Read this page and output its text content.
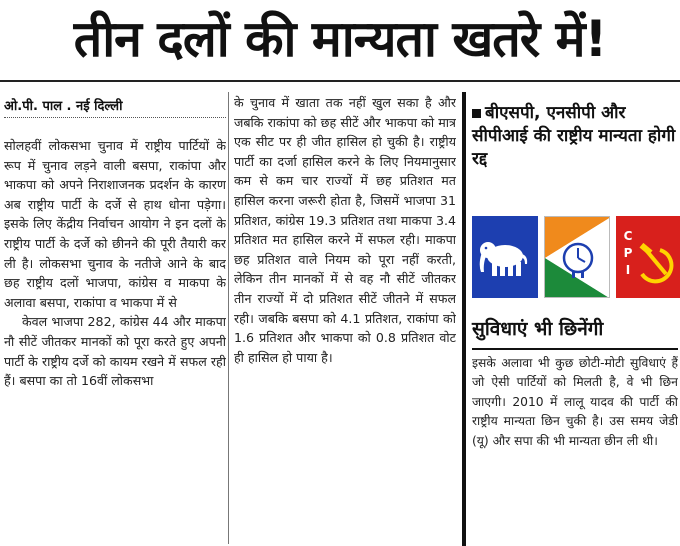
तीन दलों की मान्यता खतरे में!
ओ.पी. पाल . नई दिल्ली

सोलहवीं लोकसभा चुनाव में राष्ट्रीय पार्टियों के रूप में चुनाव लड़ने वाली बसपा, राकांपा और भाकपा को अपने निराशाजनक प्रदर्शन के कारण अब राष्ट्रीय पार्टी के दर्जे से हाथ धोना पड़ेगा। इसके लिए केंद्रीय निर्वाचन आयोग ने इन दलों के राष्ट्रीय पार्टी के दर्जे को छीनने की पूरी तैयारी कर ली है। लोकसभा चुनाव के नतीजे आने के बाद छह राष्ट्रीय दलों भाजपा, कांग्रेस व माकपा के अलावा बसपा, राकांपा व भाकपा में से

केवल भाजपा 282, कांग्रेस 44 और माकपा नौ सीटें जीतकर मानकों को पूरा करते हुए अपनी पार्टी के राष्ट्रीय दर्जे को कायम रखने में सफल रही हैं। बसपा का तो 16वीं लोकसभा

के चुनाव में खाता तक नहीं खुल सका है और जबकि राकांपा को छह सीटें और भाकपा को मात्र एक सीट पर ही जीत हासिल हो चुकी है। राष्ट्रीय पार्टी का दर्जा हासिल करने के लिए नियमानुसार कम से कम चार राज्यों में छह प्रतिशत मत हासिल करना जरूरी होता है, जिसमें भाजपा 31 प्रतिशत, कांग्रेस 19.3 प्रतिशत तथा माकपा 3.4 प्रतिशत मत हासिल करने में सफल रही। माकपा छह प्रतिशत वाले नियम को पूरा नहीं करती, लेकिन तीन मानकों में से वह नौ सीटें जीतकर तीन राज्यों में दो प्रतिशत सीटें जीतने में सफल रही। जबकि बसपा को 4.1 प्रतिशत, राकांपा को 1.6 प्रतिशत और भाकपा को 0.8 प्रतिशत वोट ही हासिल हो पाया है।

बीएसपी, एनसीपी और सीपीआई की राष्ट्रीय मान्यता होगी रद्द
C
P
I
सुविधाएं भी छिनेंगी
इसके अलावा भी कुछ छोटी-मोटी सुविधाएं हैं जो ऐसी पार्टियों को मिलती है, वे भी छिन जाएगी। 2010 में लालू यादव की पार्टी की राष्ट्रीय मान्यता छिन चुकी है। उस समय जेडी (यू) और सपा की भी मान्यता छीन ली थी।
